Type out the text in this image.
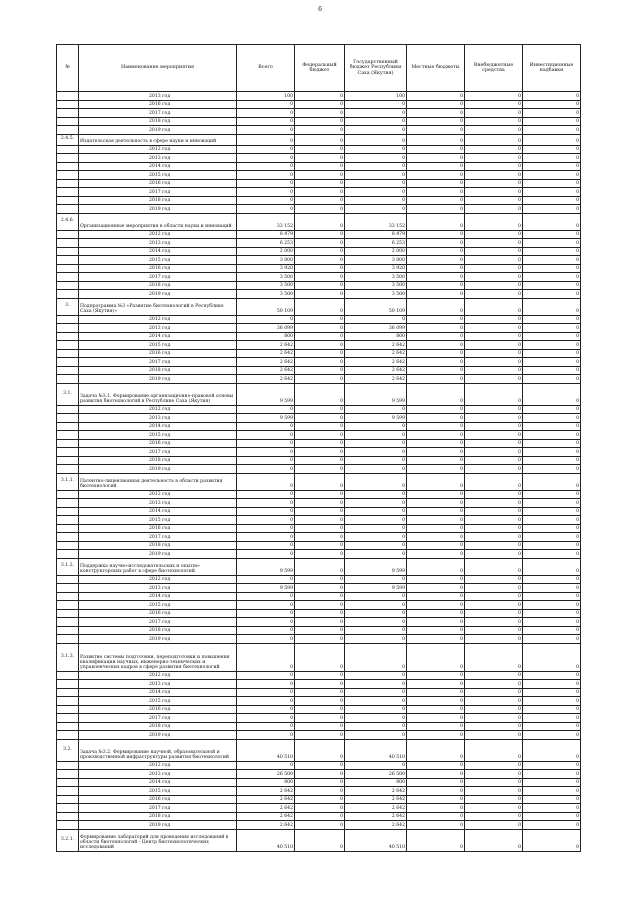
6
№	Наименование мероприятия	Всего	Федеральный бюджет	Государственный бюджет Республики Саха (Якутия)	Местные бюджеты	Внебюджетные средства	Инвестиционные надбавки
	2013 год	100	0	100	0	0	0
	2016 год	0	0	0	0	0	0
	2017 год	0	0	0	0	0	0
	2018 год	0	0	0	0	0	0
	2019 год	0	0	0	0	0	0
2.4.5.	Издательская деятельность в сфере науки и инноваций	0	0	0	0	0	0
	2012 год	0	0	0	0	0	0
	2013 год	0	0	0	0	0	0
	2014 год	0	0	0	0	0	0
	2015 год	0	0	0	0	0	0
	2016 год	0	0	0	0	0	0
	2017 год	0	0	0	0	0	0
	2018 год	0	0	0	0	0	0
	2019 год	0	0	0	0	0	0
2.4.6.	Организационные мероприятия в области науки и инноваций	33 152	0	33 152	0	0	0
	2012 год	8 479	0	8 479	0	0	0
	2013 год	6 253	0	6 253	0	0	0
	2014 год	2 000	0	2 000	0	0	0
	2015 год	3 000	0	3 000	0	0	0
	2016 год	3 920	0	3 920	0	0	0
	2017 год	3 500	0	3 500	0	0	0
	2018 год	3 500	0	3 500	0	0	0
	2019 год	3 500	0	3 500	0	0	0
3.	Подпрограмма №3 «Развитие биотехнологий в Республике Саха (Якутия)»	50 109	0	50 109	0	0	0
	2012 год	0	0	0	0	0	0
	2013 год	36 099	0	36 099	0	0	0
	2014 год	800	0	800	0	0	0
	2015 год	2 642	0	2 642	0	0	0
	2016 год	2 642	0	2 642	0	0	0
	2017 год	2 642	0	2 642	0	0	0
	2018 год	2 642	0	2 642	0	0	0
	2019 год	2 642	0	2 642	0	0	0
3.1.	Задача №3.1. Формирование организационно-правовой основы развития биотехнологий в Республике Саха (Якутия)	9 599	0	9 599	0	0	0
	2012 год	0	0	0	0	0	0
	2013 год	9 599	0	9 599	0	0	0
	2014 год	0	0	0	0	0	0
	2015 год	0	0	0	0	0	0
	2016 год	0	0	0	0	0	0
	2017 год	0	0	0	0	0	0
	2018 год	0	0	0	0	0	0
	2019 год	0	0	0	0	0	0
3.1.1.	Патентно-лицензионная деятельность в области развития биотехнологий	0	0	0	0	0	0
	2012 год	0	0	0	0	0	0
	2013 год	0	0	0	0	0	0
	2014 год	0	0	0	0	0	0
	2015 год	0	0	0	0	0	0
	2016 год	0	0	0	0	0	0
	2017 год	0	0	0	0	0	0
	2018 год	0	0	0	0	0	0
	2019 год	0	0	0	0	0	0
3.1.2.	Поддержка научно-исследовательских и опытно-конструкторских работ в сфере биотехнологий	9 599	0	9 599	0	0	0
	2012 год	0	0	0	0	0	0
	2013 год	9 599	0	9 599	0	0	0
	2014 год	0	0	0	0	0	0
	2015 год	0	0	0	0	0	0
	2016 год	0	0	0	0	0	0
	2017 год	0	0	0	0	0	0
	2018 год	0	0	0	0	0	0
	2019 год	0	0	0	0	0	0
3.1.3.	Развитие системы подготовки, переподготовки и повышения квалификации научных, инженерно-технических и управленческих кадров в сфере развития биотехнологий	0	0	0	0	0	0
	2012 год	0	0	0	0	0	0
	2013 год	0	0	0	0	0	0
	2014 год	0	0	0	0	0	0
	2015 год	0	0	0	0	0	0
	2016 год	0	0	0	0	0	0
	2017 год	0	0	0	0	0	0
	2018 год	0	0	0	0	0	0
	2019 год	0	0	0	0	0	0
3.2.	Задача №3.2. Формирование научной, образовательной и производственной инфраструктуры развития биотехнологий	40 510	0	40 510	0	0	0
	2012 год	0	0	0	0	0	0
	2013 год	26 500	0	26 500	0	0	0
	2014 год	800	0	800	0	0	0
	2015 год	2 642	0	2 642	0	0	0
	2016 год	2 642	0	2 642	0	0	0
	2017 год	2 642	0	2 642	0	0	0
	2018 год	2 642	0	2 642	0	0	0
	2019 год	2 642	0	2 642	0	0	0
3.2.1.	Формирование лабораторий для проведения исследований в области биотехнологий - Центр биотехнологических исследований	40 510	0	40 510	0	0	0
